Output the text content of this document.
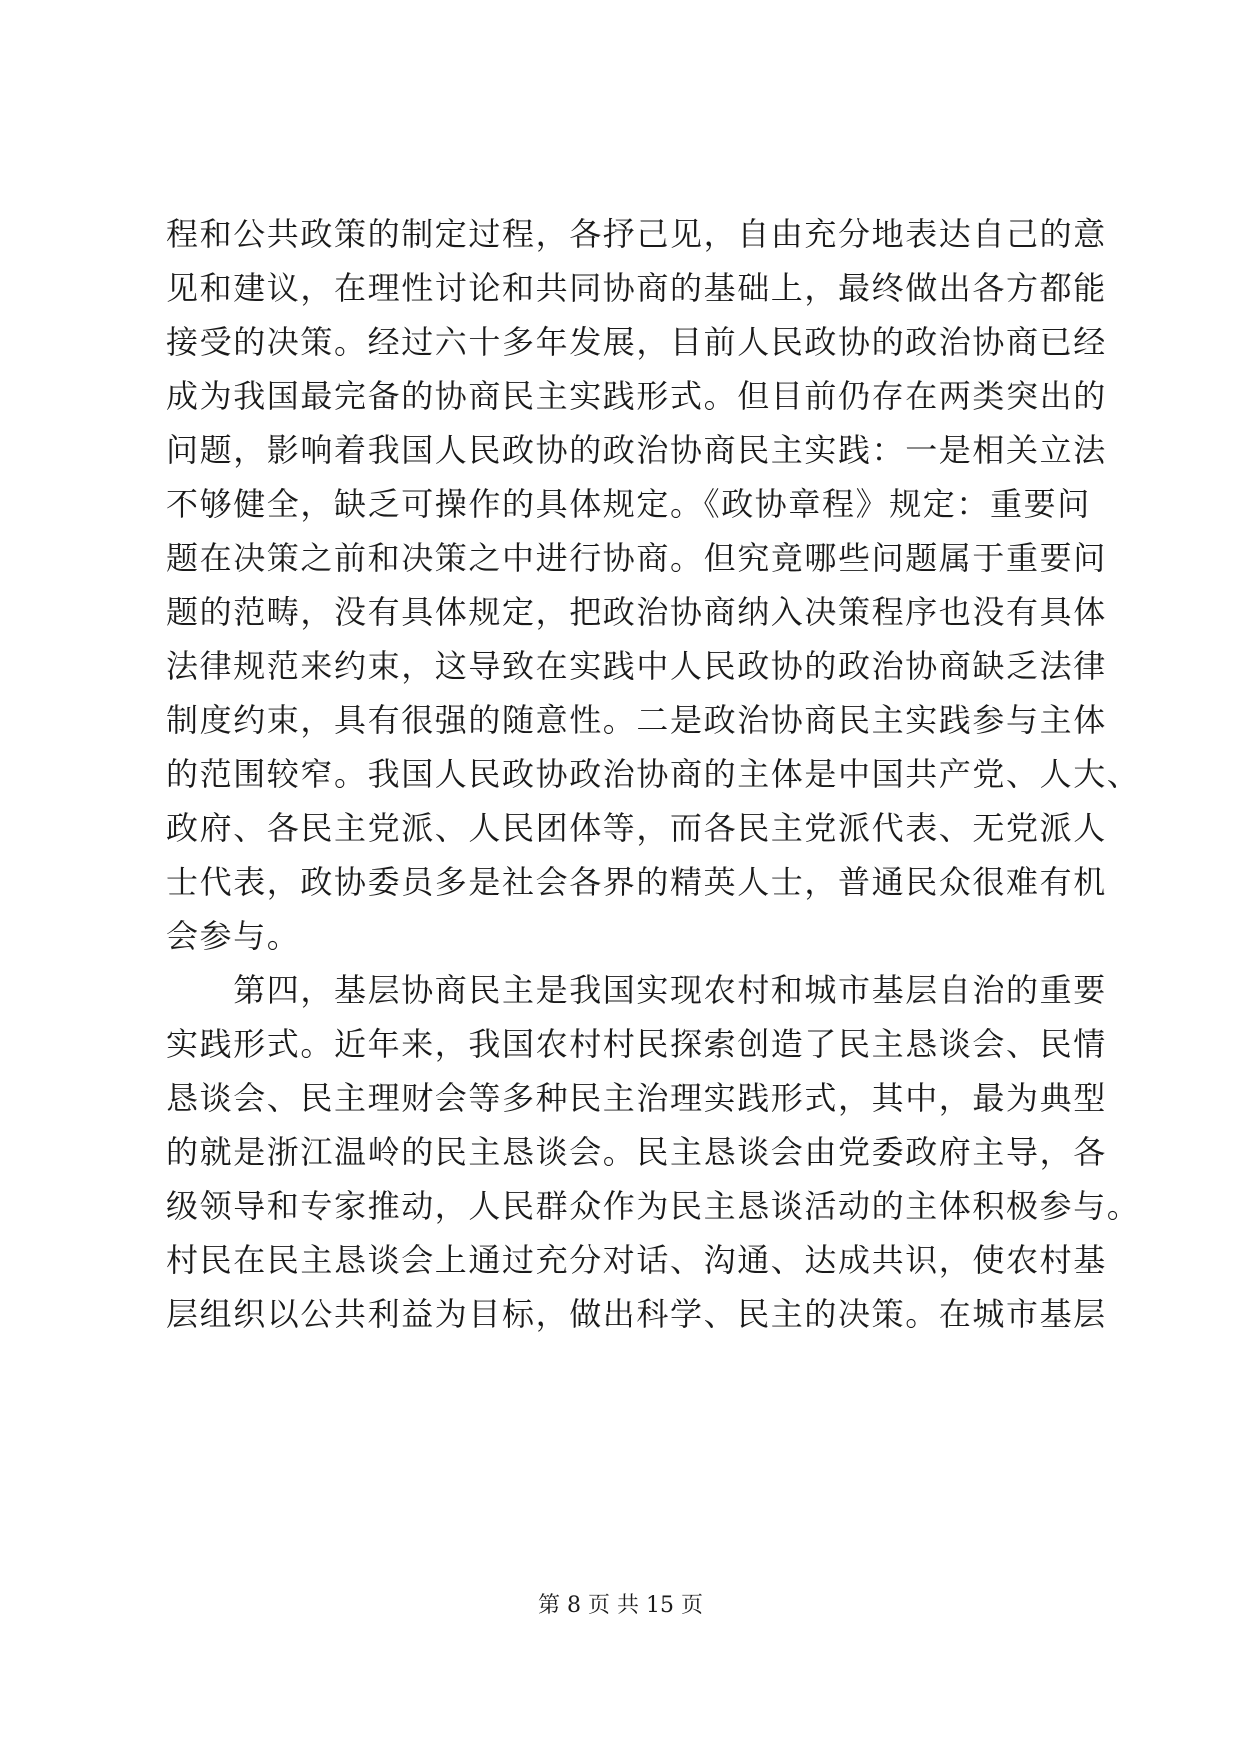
程和公共政策的制定过程，各抒己见，自由充分地表达自己的意
见和建议，在理性讨论和共同协商的基础上，最终做出各方都能
接受的决策。经过六十多年发展，目前人民政协的政治协商已经
成为我国最完备的协商民主实践形式。但目前仍存在两类突出的
问题，影响着我国人民政协的政治协商民主实践：一是相关立法
不够健全，缺乏可操作的具体规定。《政协章程》规定：重要问
题在决策之前和决策之中进行协商。但究竟哪些问题属于重要问
题的范畴，没有具体规定，把政治协商纳入决策程序也没有具体
法律规范来约束，这导致在实践中人民政协的政治协商缺乏法律
制度约束，具有很强的随意性。二是政治协商民主实践参与主体
的范围较窄。我国人民政协政治协商的主体是中国共产党、人大、
政府、各民主党派、人民团体等，而各民主党派代表、无党派人
士代表，政协委员多是社会各界的精英人士，普通民众很难有机
会参与。
　　第四，基层协商民主是我国实现农村和城市基层自治的重要
实践形式。近年来，我国农村村民探索创造了民主恳谈会、民情
恳谈会、民主理财会等多种民主治理实践形式，其中，最为典型
的就是浙江温岭的民主恳谈会。民主恳谈会由党委政府主导，各
级领导和专家推动，人民群众作为民主恳谈活动的主体积极参与。
村民在民主恳谈会上通过充分对话、沟通、达成共识，使农村基
层组织以公共利益为目标，做出科学、民主的决策。在城市基层
第 8 页 共 15 页
